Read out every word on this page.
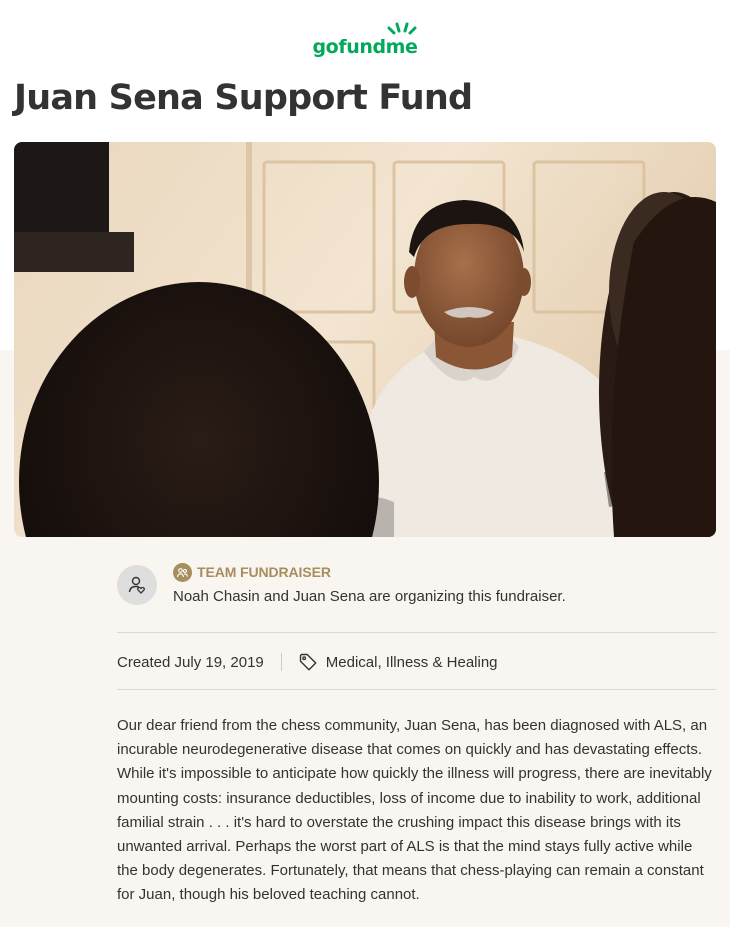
gofundme
Juan Sena Support Fund
TEAM FUNDRAISER

Noah Chasin and Juan Sena are organizing this fundraiser.

Created July 19, 2019	Medical, Illness & Healing

Our dear friend from the chess community, Juan Sena, has been diagnosed with ALS, an incurable neurodegenerative disease that comes on quickly and has devastating effects. While it's impossible to anticipate how quickly the illness will progress, there are inevitably mounting costs: insurance deductibles, loss of income due to inability to work, additional familial strain . . . it's hard to overstate the crushing impact this disease brings with its unwanted arrival. Perhaps the worst part of ALS is that the mind stays fully active while the body degenerates. Fortunately, that means that chess-playing can remain a constant for Juan, though his beloved teaching cannot.
